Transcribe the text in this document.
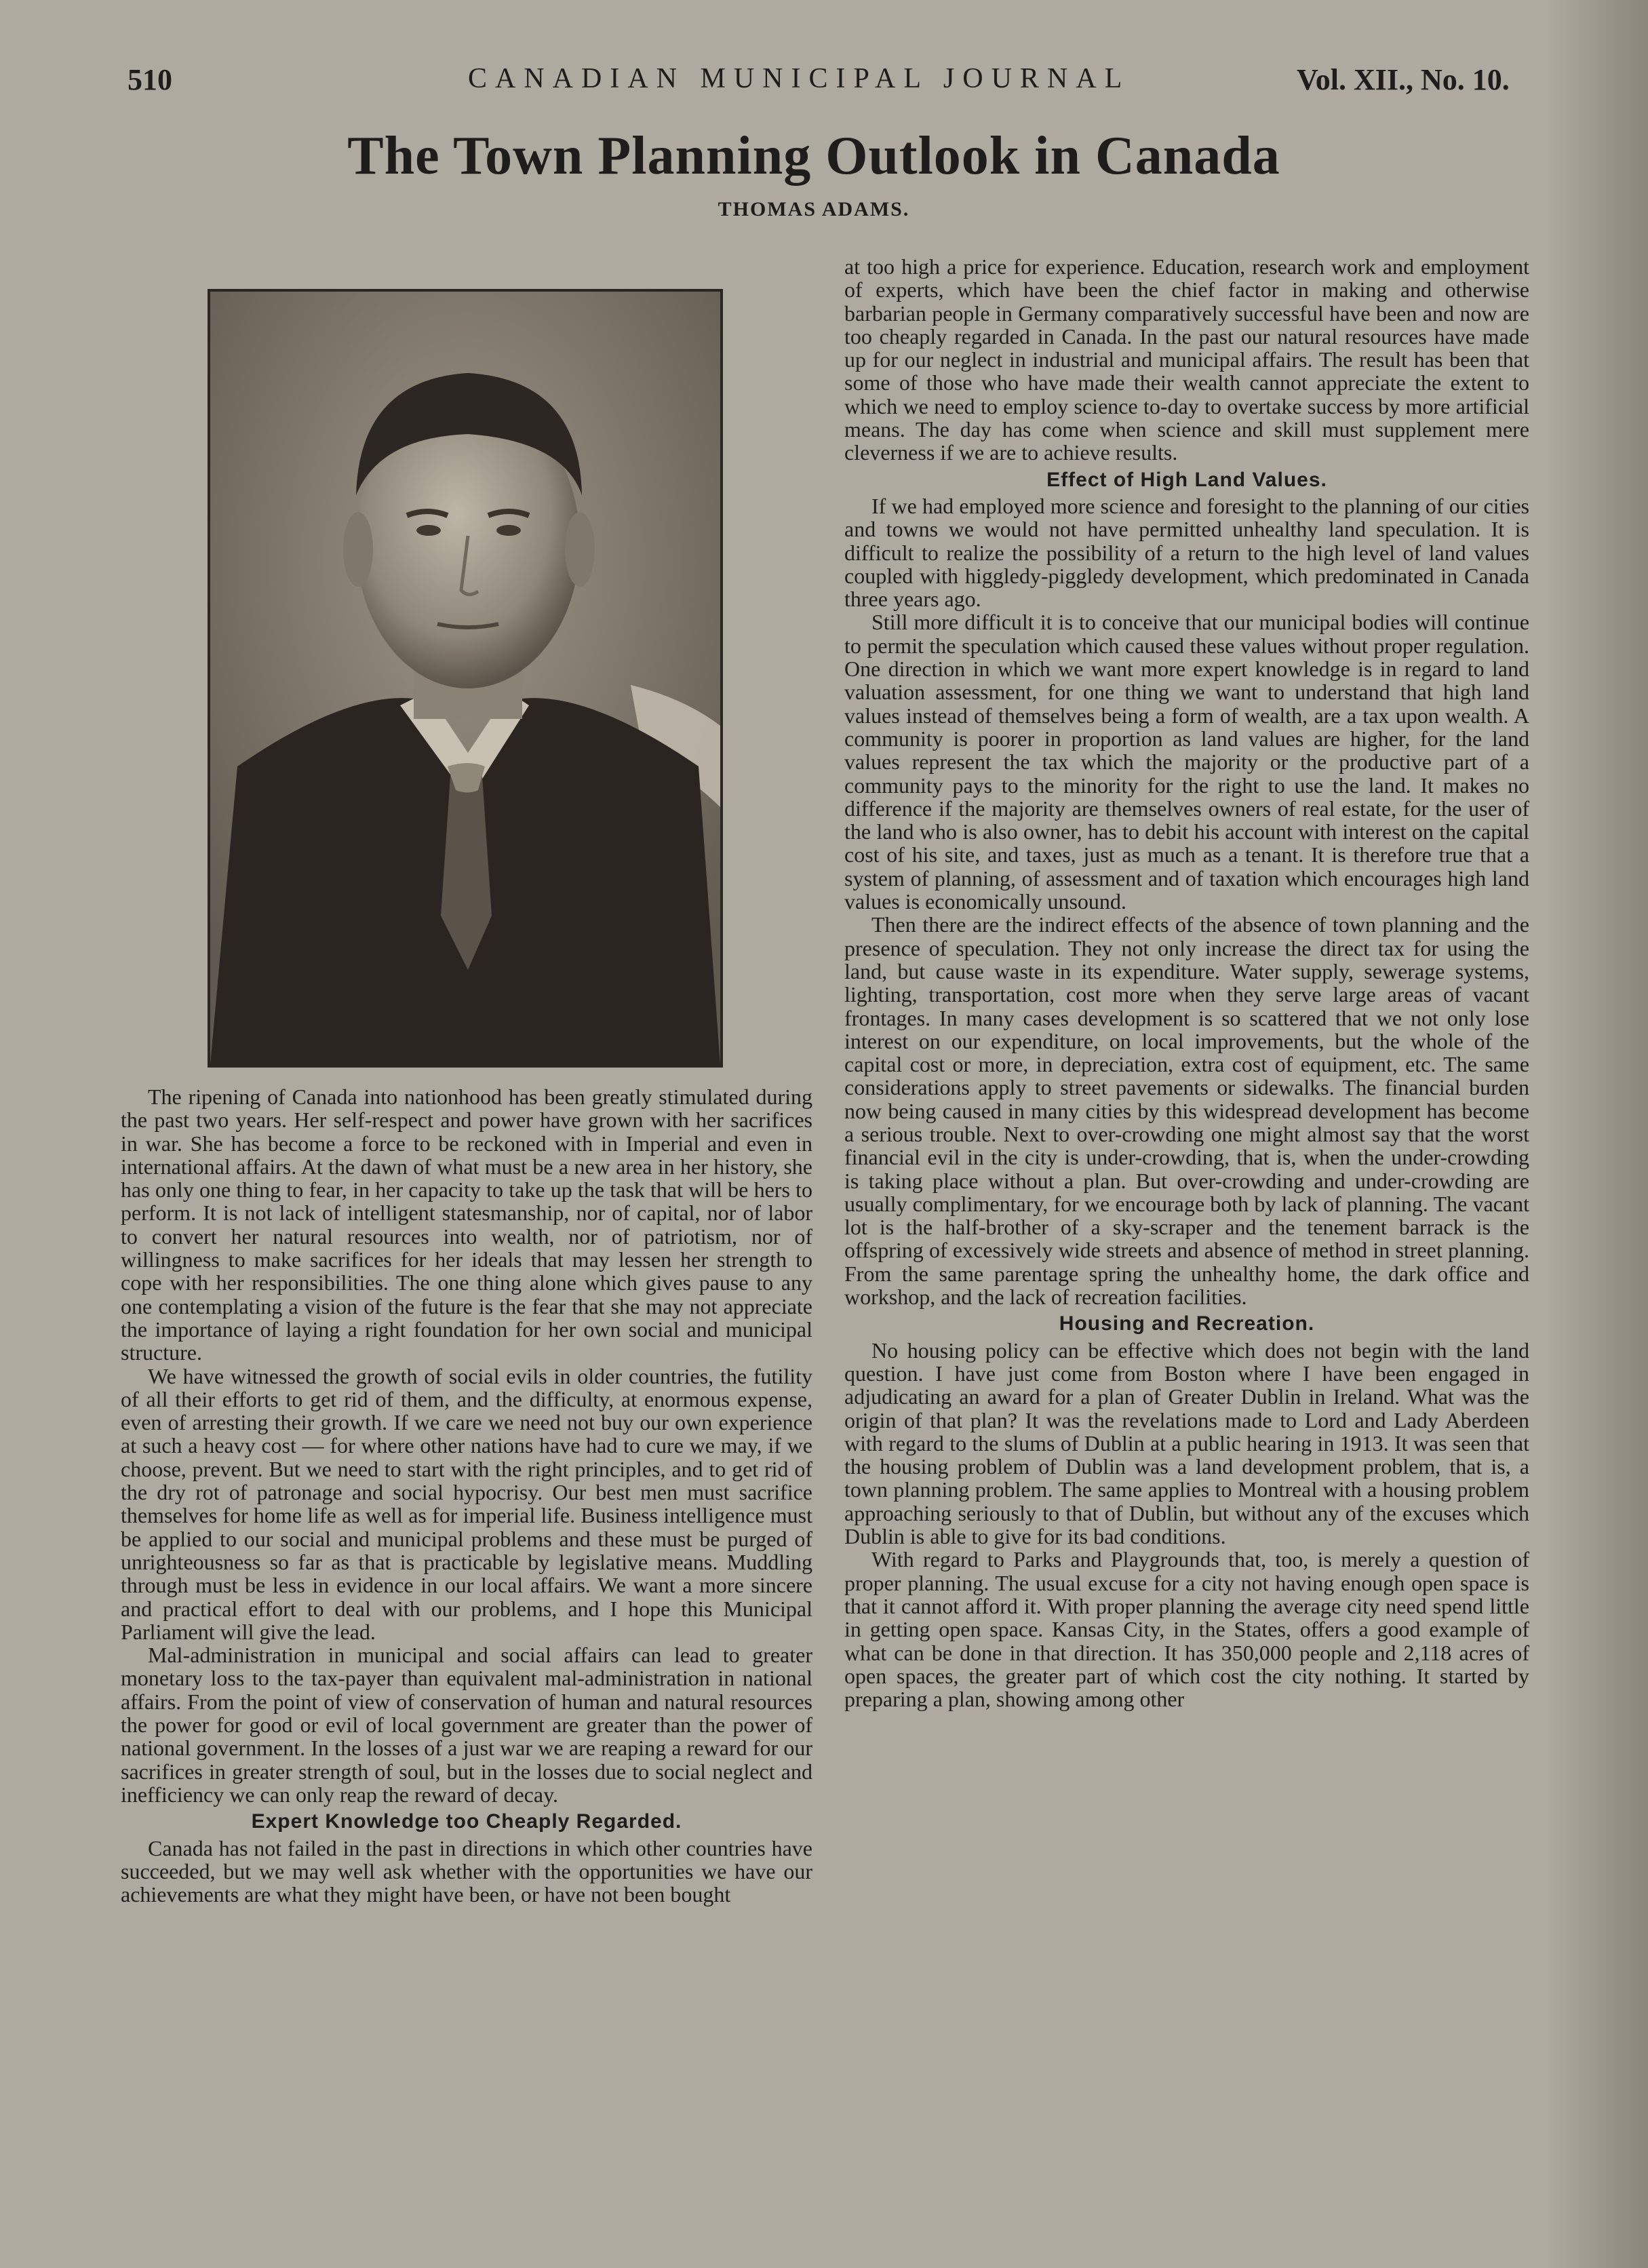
510	CANADIAN MUNICIPAL JOURNAL	Vol. XII., No. 10.
The Town Planning Outlook in Canada
THOMAS ADAMS.

The ripening of Canada into nationhood has been greatly stimulated during the past two years. Her self-respect and power have grown with her sacrifices in war. She has become a force to be reckoned with in Imperial and even in international affairs. At the dawn of what must be a new area in her history, she has only one thing to fear, in her capacity to take up the task that will be hers to perform. It is not lack of intelligent statesmanship, nor of capital, nor of labor to convert her natural resources into wealth, nor of patriotism, nor of willingness to make sacrifices for her ideals that may lessen her strength to cope with her responsibilities. The one thing alone which gives pause to any one contemplating a vision of the future is the fear that she may not appreciate the importance of laying a right foundation for her own social and municipal structure.

We have witnessed the growth of social evils in older countries, the futility of all their efforts to get rid of them, and the difficulty, at enormous expense, even of arresting their growth. If we care we need not buy our own experience at such a heavy cost — for where other nations have had to cure we may, if we choose, prevent. But we need to start with the right principles, and to get rid of the dry rot of patronage and social hypocrisy. Our best men must sacrifice themselves for home life as well as for imperial life. Business intelligence must be applied to our social and municipal problems and these must be purged of unrighteousness so far as that is practicable by legislative means. Muddling through must be less in evidence in our local affairs. We want a more sincere and practical effort to deal with our problems, and I hope this Municipal Parliament will give the lead.

Mal-administration in municipal and social affairs can lead to greater monetary loss to the tax-payer than equivalent mal-administration in national affairs. From the point of view of conservation of human and natural resources the power for good or evil of local government are greater than the power of national government. In the losses of a just war we are reaping a reward for our sacrifices in greater strength of soul, but in the losses due to social neglect and inefficiency we can only reap the reward of decay.

Expert Knowledge too Cheaply Regarded.

Canada has not failed in the past in directions in which other countries have succeeded, but we may well ask whether with the opportunities we have our achievements are what they might have been, or have not been bought

at too high a price for experience. Education, research work and employment of experts, which have been the chief factor in making and otherwise barbarian people in Germany comparatively successful have been and now are too cheaply regarded in Canada. In the past our natural resources have made up for our neglect in industrial and municipal affairs. The result has been that some of those who have made their wealth cannot appreciate the extent to which we need to employ science to-day to overtake success by more artificial means. The day has come when science and skill must supplement mere cleverness if we are to achieve results.

Effect of High Land Values.

If we had employed more science and foresight to the planning of our cities and towns we would not have permitted unhealthy land speculation. It is difficult to realize the possibility of a return to the high level of land values coupled with higgledy-piggledy development, which predominated in Canada three years ago.

Still more difficult it is to conceive that our municipal bodies will continue to permit the speculation which caused these values without proper regulation. One direction in which we want more expert knowledge is in regard to land valuation assessment, for one thing we want to understand that high land values instead of themselves being a form of wealth, are a tax upon wealth. A community is poorer in proportion as land values are higher, for the land values represent the tax which the majority or the productive part of a community pays to the minority for the right to use the land. It makes no difference if the majority are themselves owners of real estate, for the user of the land who is also owner, has to debit his account with interest on the capital cost of his site, and taxes, just as much as a tenant. It is therefore true that a system of planning, of assessment and of taxation which encourages high land values is economically unsound.

Then there are the indirect effects of the absence of town planning and the presence of speculation. They not only increase the direct tax for using the land, but cause waste in its expenditure. Water supply, sewerage systems, lighting, transportation, cost more when they serve large areas of vacant frontages. In many cases development is so scattered that we not only lose interest on our expenditure, on local improvements, but the whole of the capital cost or more, in depreciation, extra cost of equipment, etc. The same considerations apply to street pavements or sidewalks. The financial burden now being caused in many cities by this widespread development has become a serious trouble. Next to over-crowding one might almost say that the worst financial evil in the city is under-crowding, that is, when the under-crowding is taking place without a plan. But over-crowding and under-crowding are usually complimentary, for we encourage both by lack of planning. The vacant lot is the half-brother of a sky-scraper and the tenement barrack is the offspring of excessively wide streets and absence of method in street planning. From the same parentage spring the unhealthy home, the dark office and workshop, and the lack of recreation facilities.

Housing and Recreation.

No housing policy can be effective which does not begin with the land question. I have just come from Boston where I have been engaged in adjudicating an award for a plan of Greater Dublin in Ireland. What was the origin of that plan? It was the revelations made to Lord and Lady Aberdeen with regard to the slums of Dublin at a public hearing in 1913. It was seen that the housing problem of Dublin was a land development problem, that is, a town planning problem. The same applies to Montreal with a housing problem approaching seriously to that of Dublin, but without any of the excuses which Dublin is able to give for its bad conditions.

With regard to Parks and Playgrounds that, too, is merely a question of proper planning. The usual excuse for a city not having enough open space is that it cannot afford it. With proper planning the average city need spend little in getting open space. Kansas City, in the States, offers a good example of what can be done in that direction. It has 350,000 people and 2,118 acres of open spaces, the greater part of which cost the city nothing. It started by preparing a plan, showing among other
